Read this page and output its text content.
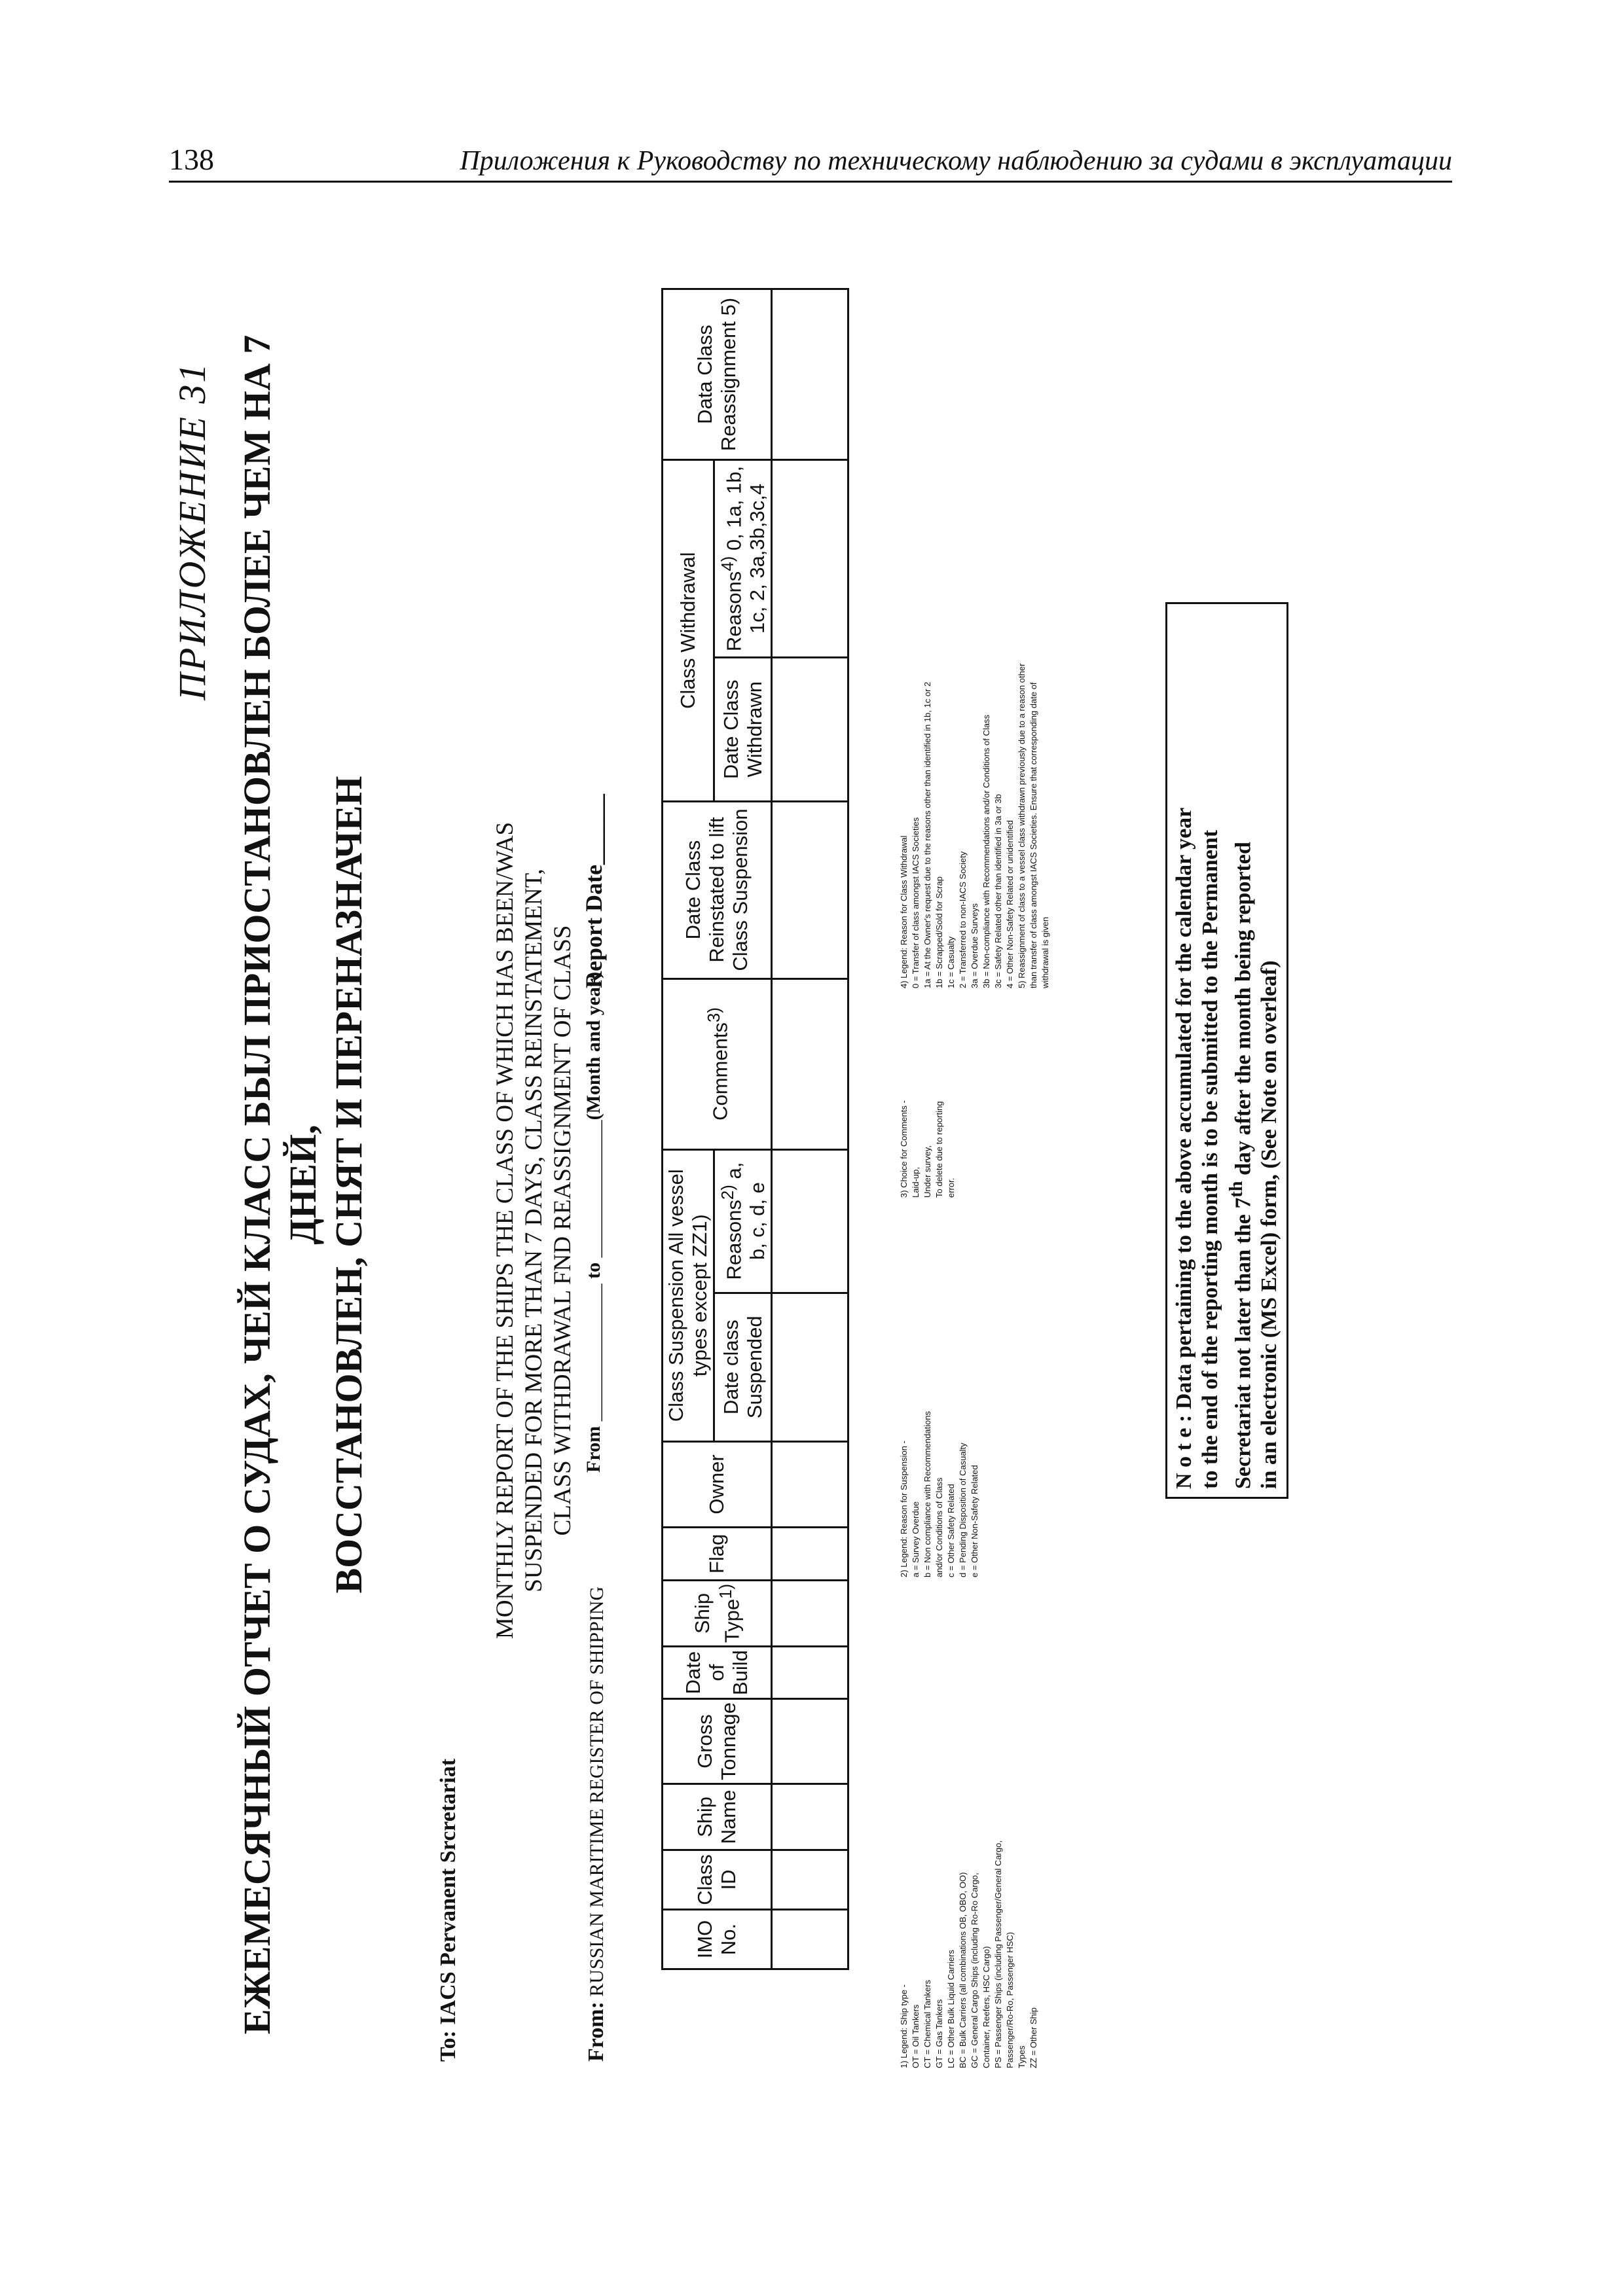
138	Приложения к Руководству по техническому наблюдению за судами в эксплуатации
ПРИЛОЖЕНИЕ 31 ЕЖЕМЕСЯЧНЫЙ ОТЧЕТ О СУДАХ, ЧЕЙ КЛАСС БЫЛ ПРИОСТАНОВЛЕН БОЛЕЕ ЧЕМ НА 7 ДНЕЙ, ВОССТАНОВЛЕН, СНЯТ И ПЕРЕНАЗНАЧЕН
To: IACS Pervanent Srcretariat
MONTHLY REPORT OF THE SHIPS THE CLASS OF WHICH HAS BEEN/WAS SUSPENDED FOR MORE THAN 7 DAYS, CLASS REINSTATEMENT, CLASS WITHDRAWAL FND REASSIGNMENT OF CLASS
From: RUSSIAN MARITIME REGISTER OF SHIPPING
From ______________ to ______________(Month and year)
Report Date______
IMO No.	Class ID	Ship Name	Gross Tonnage	Date of Build	Ship Type$^{1)}$	Flag	Owner	Class Suspension All vessel types except ZZ1)		Comments$^{3)}$	Date Class Reinstated to lift Class Suspension	Class Withdrawal		Data Class Reassignment 5)
								Date class Suspended	Reasons$^{2)}$ a, b, c, d, e			Date Class Withdrawn	Reasons$^{4)}$ 0, 1a, 1b, 1c, 2, 3a,3b,3c,4	

1) Legend: Ship type - OT = Oil Tankers CT = Chemical Tankers GT = Gas Tankers LC = Other Bulk Liquid Carriers BC = Bulk Carriers (all combinations OB, OBO, OO) GC = General Cargo Ships (including Ro-Ro Cargo, Container, Reefers, HSC Cargo) PS = Passenger Ships (including Passenger/General Cargo, Passenger/Ro-Ro, Passenger HSC) Types ZZ = Other Ship

2) Legend: Reason for Suspension - a = Survey Overdue b = Non compliance with Recommendations and/or Conditions of Class c = Other Safety Related d = Pending Disposition of Casualty e = Other Non-Safety Related

3) Choice for Comments - Laid-up, Under survey, To delete due to reporting error.

4) Legend: Reason for Class Withdrawal 0 = Transfer of class amongst IACS Societies 1a = At the Owner's request due to the reasons other than identified in 1b, 1c or 2 1b = Scrapped/Sold for Scrap 1c = Casualty 2 = Transferred to non-IACS Society 3a = Overdue Surveys 3b = Non-compliance with Recommendations and/or Conditions of Class 3c = Safety Related other than identified in 3a or 3b 4 = Other Non-Safety Related or unidentified 5) Reassignment of class to a vessel class withdrawn previously due to a reason other than transfer of class amongst IACS Societies. Ensure that corresponding date of withdrawal is given

N o t e : Data pertaining to the above accumulated for the calendar year
to the end of the reporting month is to be submitted to the Permanent Secretariat not later than the 7th day after the month being reported
in an electronic (MS Excel) form, (See Note on overleaf)
